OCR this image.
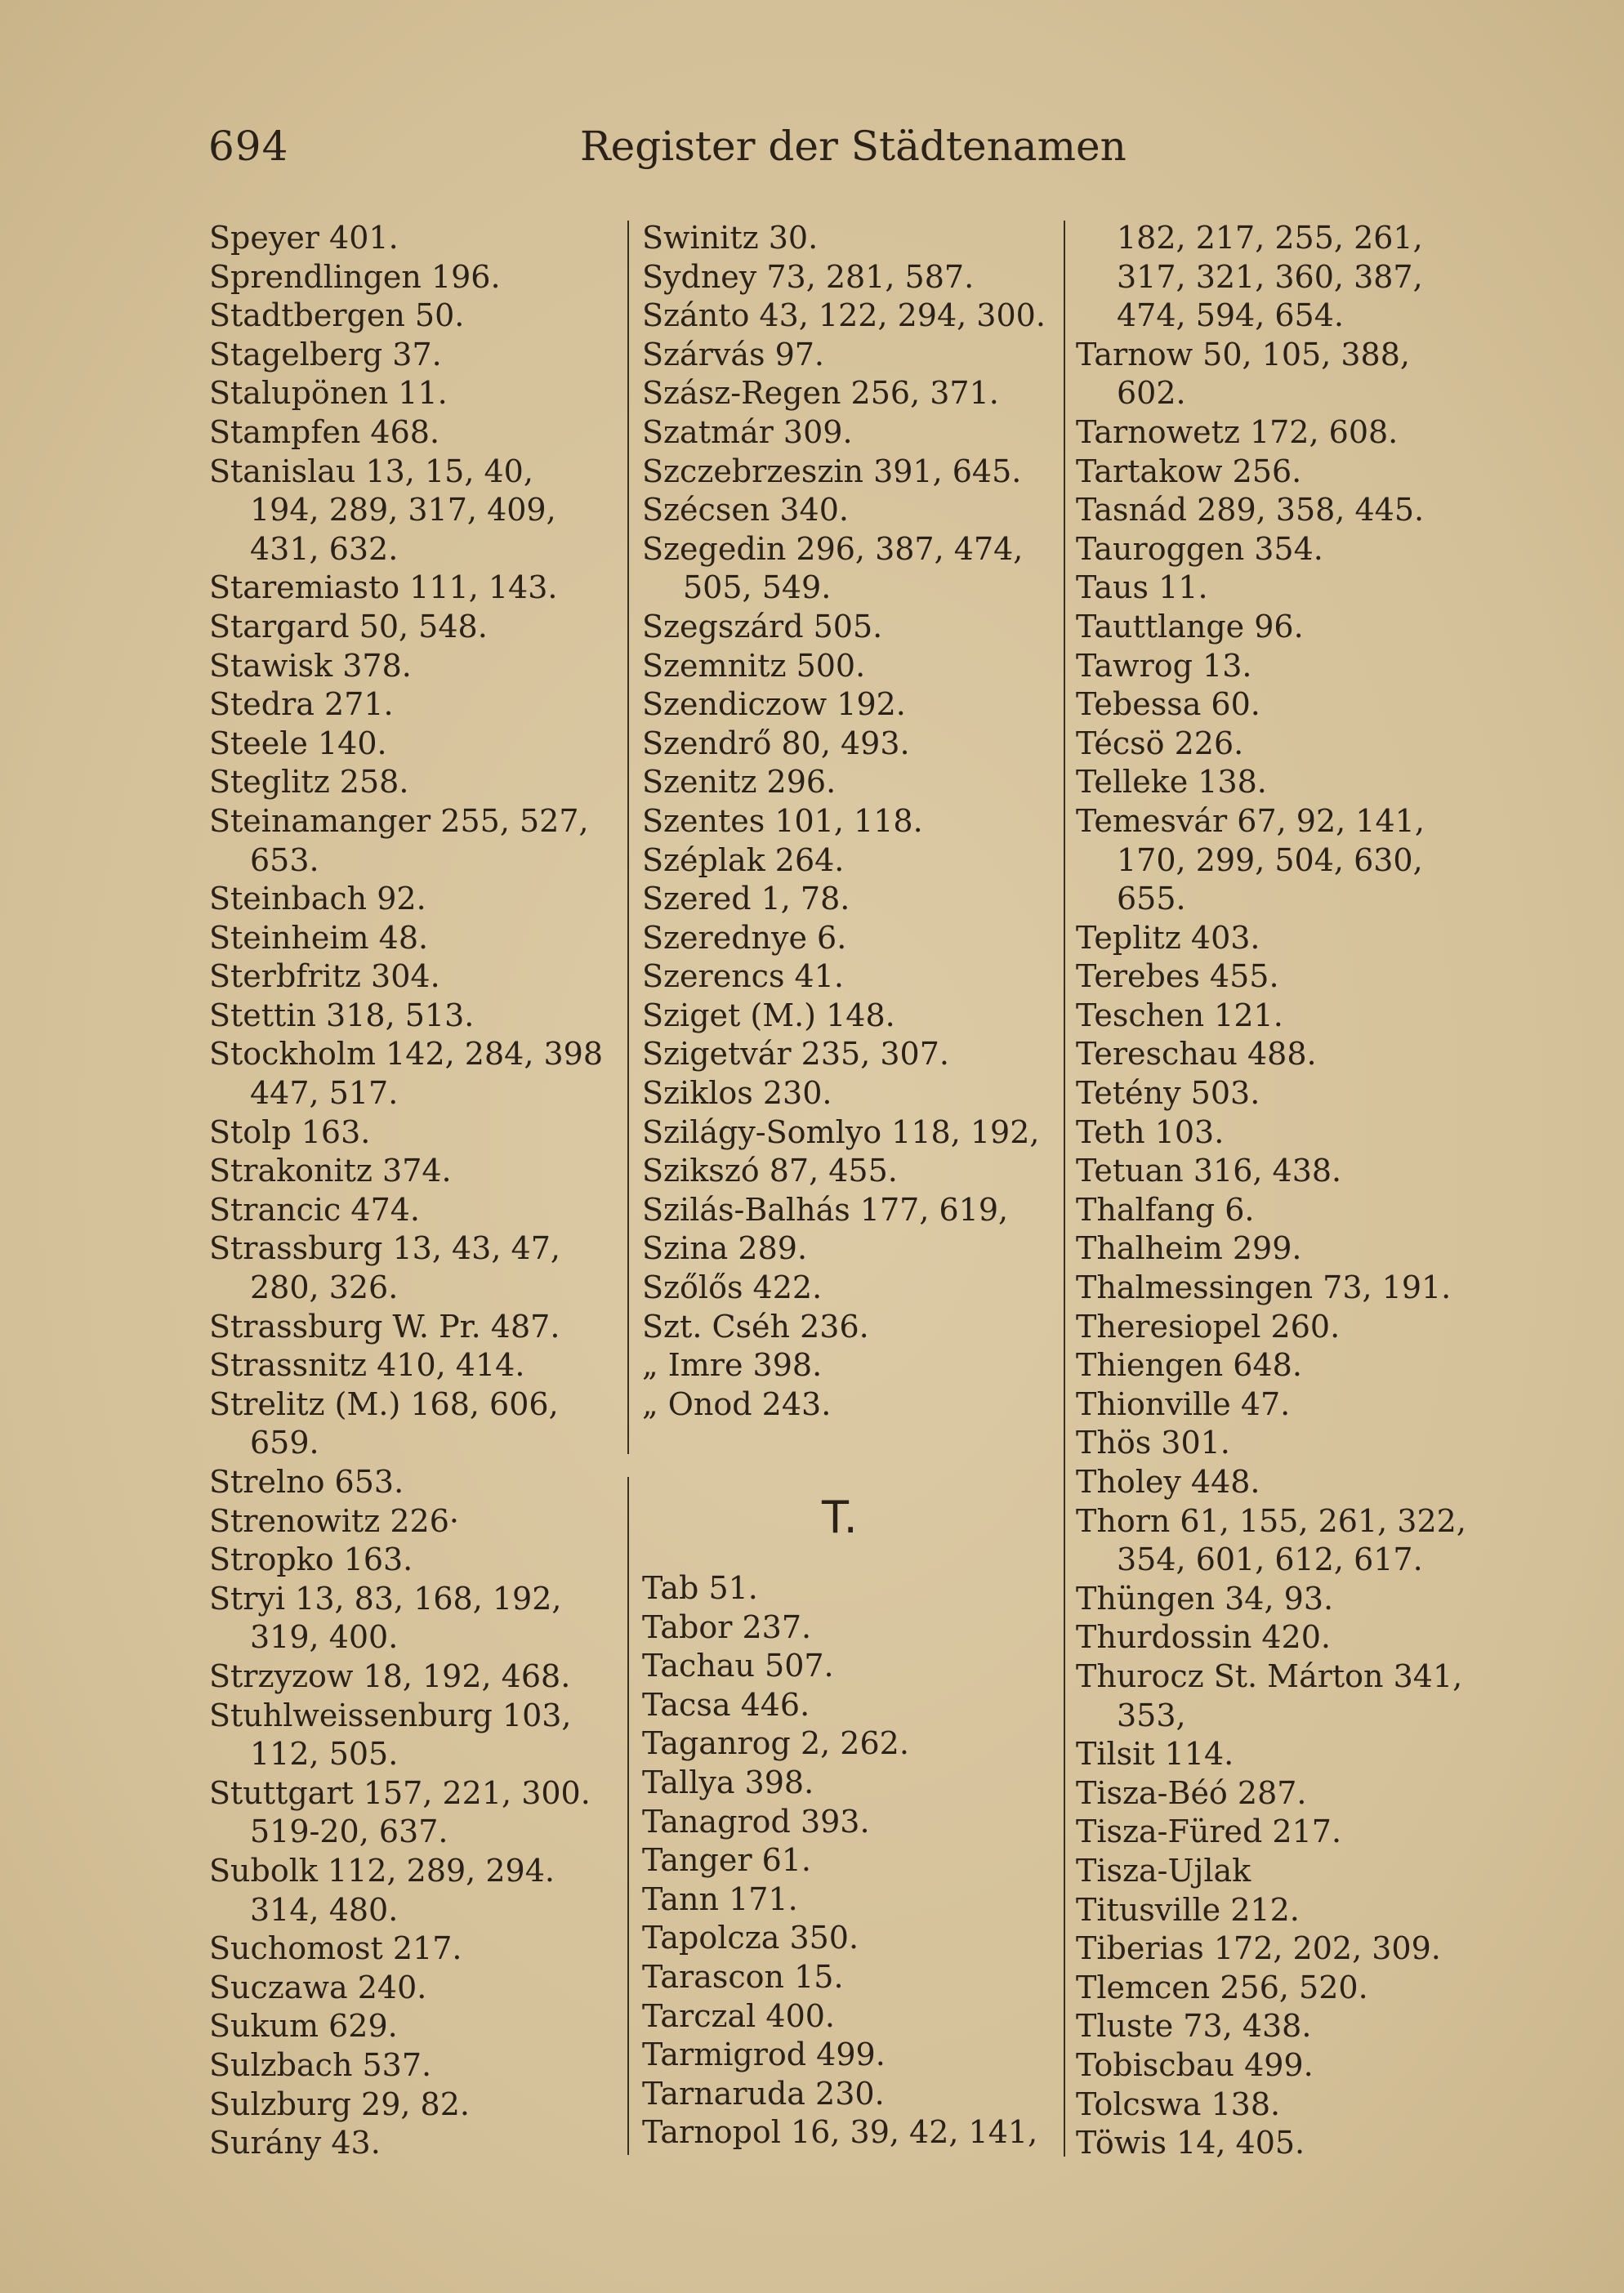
694	Register der Städtenamen
Speyer 401.
Sprendlingen 196.
Stadtbergen 50.
Stagelberg 37.
Stalupönen 11.
Stampfen 468.
Stanislau 13, 15, 40,
194, 289, 317, 409,
431, 632.
Staremiasto 111, 143.
Stargard 50, 548.
Stawisk 378.
Stedra 271.
Steele 140.
Steglitz 258.
Steinamanger 255, 527,
653.
Steinbach 92.
Steinheim 48.
Sterbfritz 304.
Stettin 318, 513.
Stockholm 142, 284, 398
447, 517.
Stolp 163.
Strakonitz 374.
Strancic 474.
Strassburg 13, 43, 47,
280, 326.
Strassburg W. Pr. 487.
Strassnitz 410, 414.
Strelitz (M.) 168, 606,
659.
Strelno 653.
Strenowitz 226·
Stropko 163.
Stryi 13, 83, 168, 192,
319, 400.
Strzyzow 18, 192, 468.
Stuhlweissenburg 103,
112, 505.
Stuttgart 157, 221, 300.
519-20, 637.
Subolk 112, 289, 294.
314, 480.
Suchomost 217.
Suczawa 240.
Sukum 629.
Sulzbach 537.
Sulzburg 29, 82.
Surány 43.
Swinitz 30.
Sydney 73, 281, 587.
Szánto 43, 122, 294, 300.
Szárvás 97.
Szász-Regen 256, 371.
Szatmár 309.
Szczebrzeszin 391, 645.
Szécsen 340.
Szegedin 296, 387, 474,
505, 549.
Szegszárd 505.
Szemnitz 500.
Szendiczow 192.
Szendrő 80, 493.
Szenitz 296.
Szentes 101, 118.
Széplak 264.
Szered 1, 78.
Szerednye 6.
Szerencs 41.
Sziget (M.) 148.
Szigetvár 235, 307.
Sziklos 230.
Szilágy-Somlyo 118, 192,
Szikszó 87, 455.
Szilás-Balhás 177, 619,
Szina 289.
Szőlős 422.
Szt. Cséh 236.
„ Imre 398.
„ Onod 243.
T.
Tab 51.
Tabor 237.
Tachau 507.
Tacsa 446.
Taganrog 2, 262.
Tallya 398.
Tanagrod 393.
Tanger 61.
Tann 171.
Tapolcza 350.
Tarascon 15.
Tarczal 400.
Tarmigrod 499.
Tarnaruda 230.
Tarnopol 16, 39, 42, 141,
182, 217, 255, 261,
317, 321, 360, 387,
474, 594, 654.
Tarnow 50, 105, 388,
602.
Tarnowetz 172, 608.
Tartakow 256.
Tasnád 289, 358, 445.
Tauroggen 354.
Taus 11.
Tauttlange 96.
Tawrog 13.
Tebessa 60.
Técsö 226.
Telleke 138.
Temesvár 67, 92, 141,
170, 299, 504, 630,
655.
Teplitz 403.
Terebes 455.
Teschen 121.
Tereschau 488.
Tetény 503.
Teth 103.
Tetuan 316, 438.
Thalfang 6.
Thalheim 299.
Thalmessingen 73, 191.
Theresiopel 260.
Thiengen 648.
Thionville 47.
Thös 301.
Tholey 448.
Thorn 61, 155, 261, 322,
354, 601, 612, 617.
Thüngen 34, 93.
Thurdossin 420.
Thurocz St. Márton 341,
353,
Tilsit 114.
Tisza-Béó 287.
Tisza-Füred 217.
Tisza-Ujlak
Titusville 212.
Tiberias 172, 202, 309.
Tlemcen 256, 520.
Tluste 73, 438.
Tobiscbau 499.
Tolcswa 138.
Töwis 14, 405.
